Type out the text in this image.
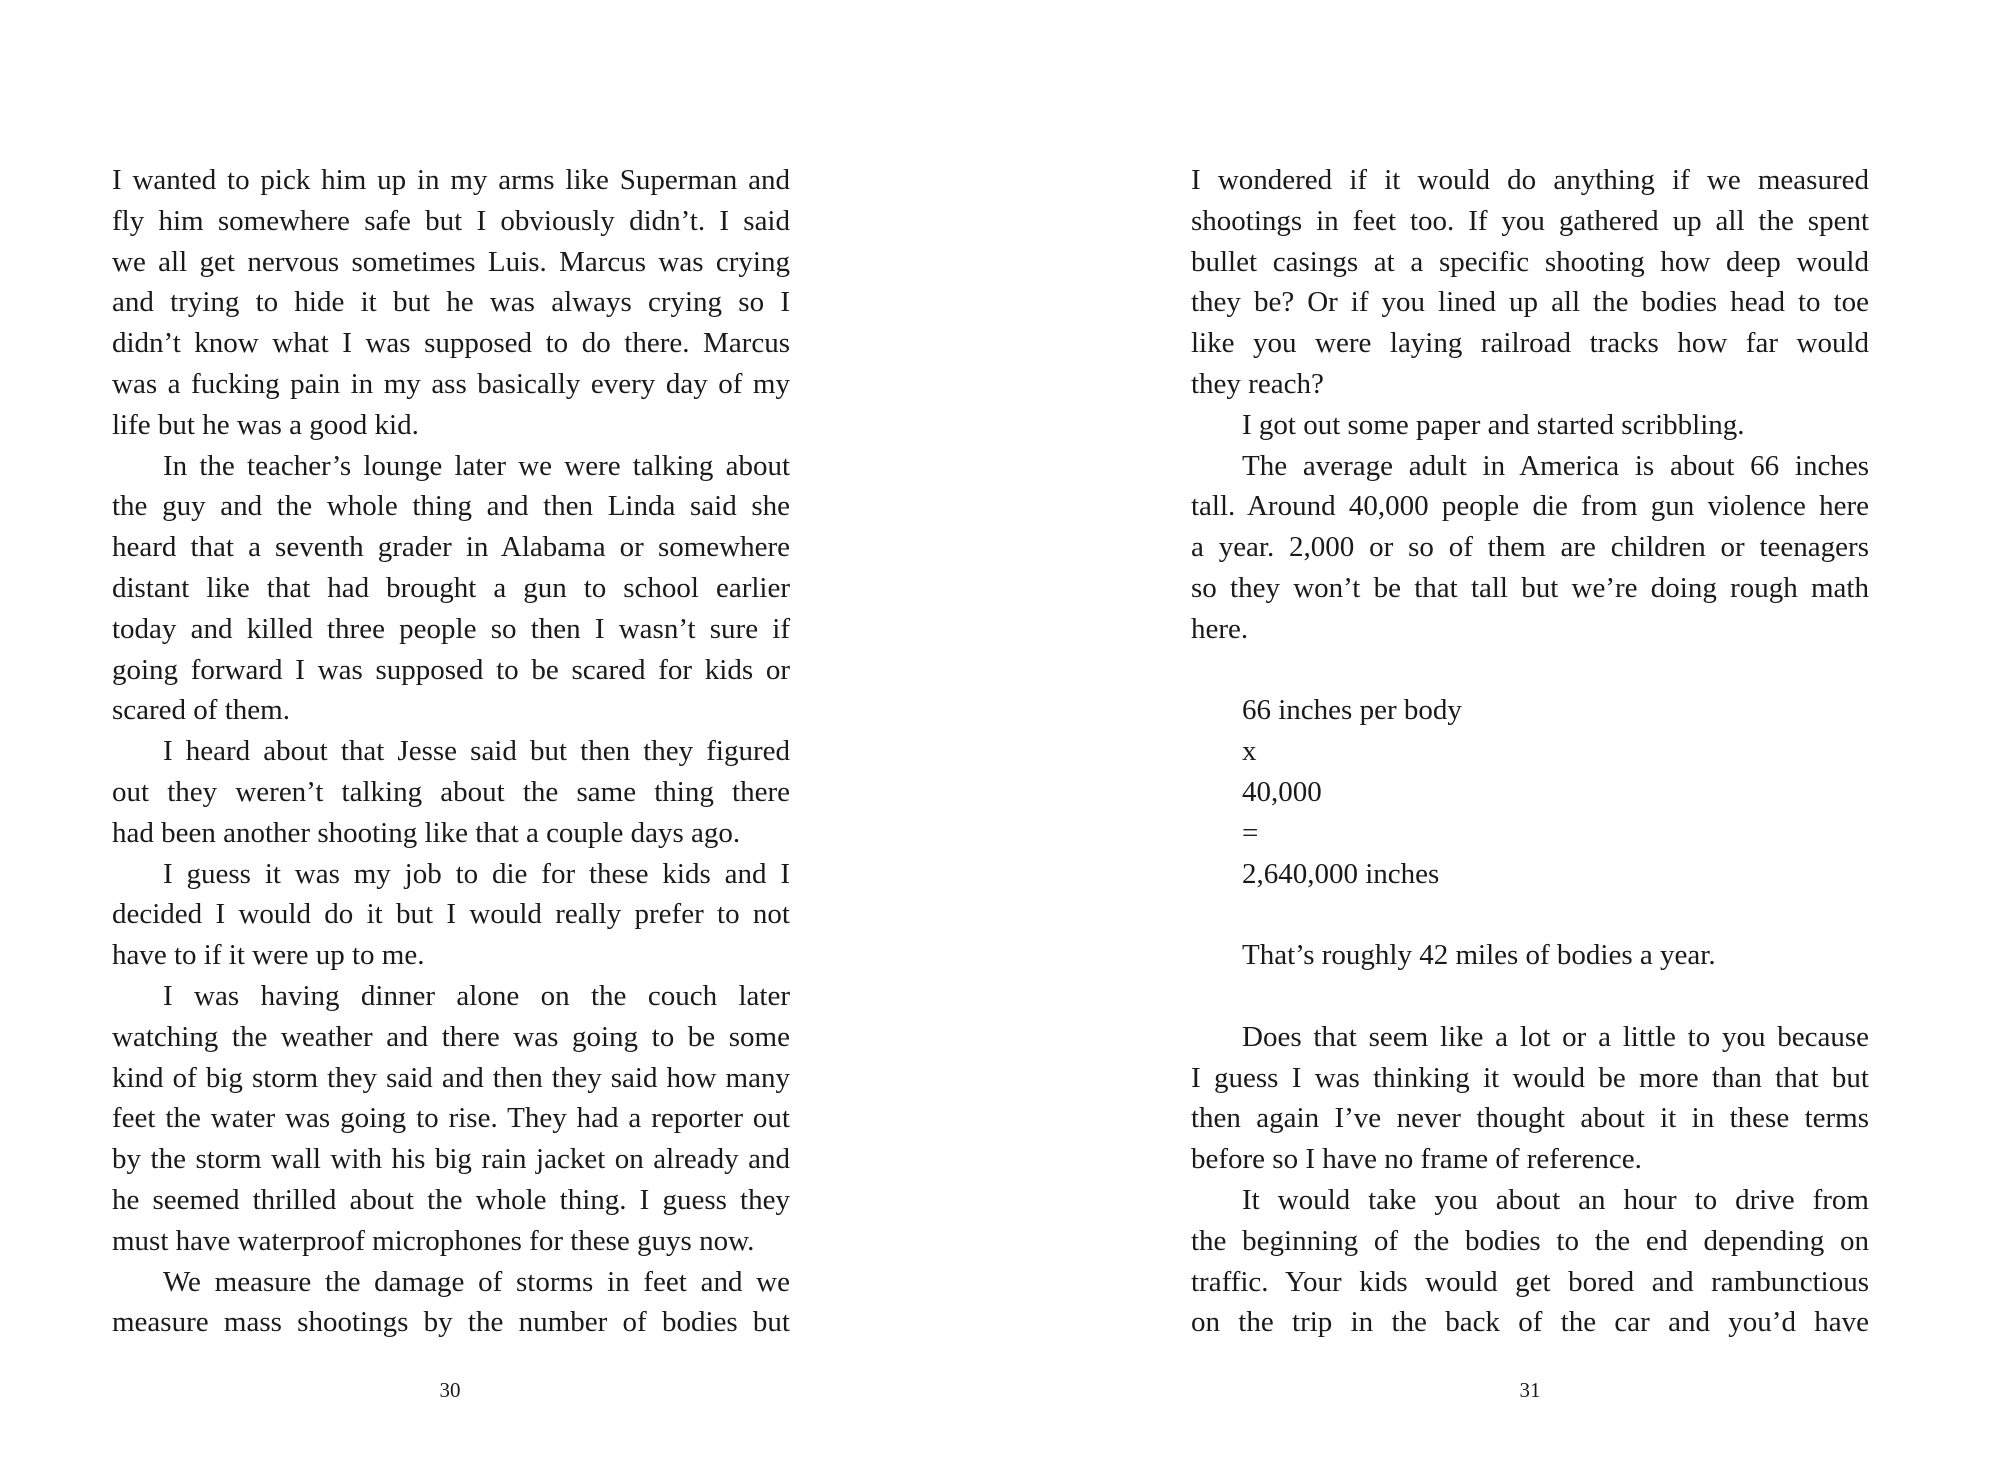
I wanted to pick him up in my arms like Superman and
fly him somewhere safe but I obviously didn’t. I said
we all get nervous sometimes Luis. Marcus was crying
and trying to hide it but he was always crying so I
didn’t know what I was supposed to do there. Marcus
was a fucking pain in my ass basically every day of my
life but he was a good kid.
In the teacher’s lounge later we were talking about
the guy and the whole thing and then Linda said she
heard that a seventh grader in Alabama or somewhere
distant like that had brought a gun to school earlier
today and killed three people so then I wasn’t sure if
going forward I was supposed to be scared for kids or
scared of them.
I heard about that Jesse said but then they figured
out they weren’t talking about the same thing there
had been another shooting like that a couple days ago.
I guess it was my job to die for these kids and I
decided I would do it but I would really prefer to not
have to if it were up to me.
I was having dinner alone on the couch later
watching the weather and there was going to be some
kind of big storm they said and then they said how many
feet the water was going to rise. They had a reporter out
by the storm wall with his big rain jacket on already and
he seemed thrilled about the whole thing. I guess they
must have waterproof microphones for these guys now.
We measure the damage of storms in feet and we
measure mass shootings by the number of bodies but
I wondered if it would do anything if we measured
shootings in feet too. If you gathered up all the spent
bullet casings at a specific shooting how deep would
they be? Or if you lined up all the bodies head to toe
like you were laying railroad tracks how far would
they reach?
I got out some paper and started scribbling.
The average adult in America is about 66 inches
tall. Around 40,000 people die from gun violence here
a year. 2,000 or so of them are children or teenagers
so they won’t be that tall but we’re doing rough math
here.
66 inches per body
x
40,000
=
2,640,000 inches
That’s roughly 42 miles of bodies a year.
Does that seem like a lot or a little to you because
I guess I was thinking it would be more than that but
then again I’ve never thought about it in these terms
before so I have no frame of reference.
It would take you about an hour to drive from
the beginning of the bodies to the end depending on
traffic. Your kids would get bored and rambunctious
on the trip in the back of the car and you’d have
30	31
